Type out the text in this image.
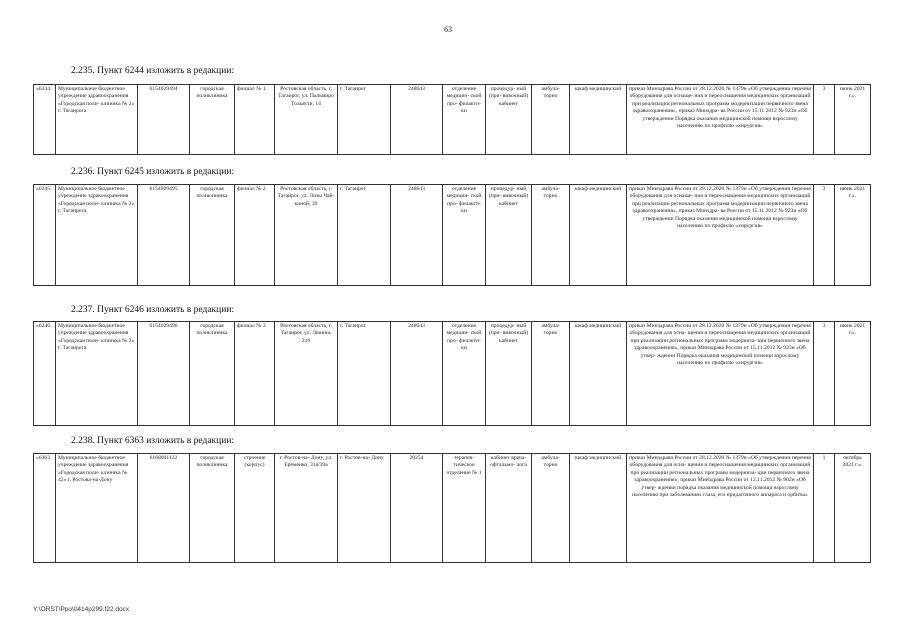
63
2.235. Пункт 6244 изложить в редакции:
«6244.	Муниципальное бюджетное учреждение здравоохранения «Городская поли- клиника № 2» г. Таганрога	6154029494	городская поликлиника	филиал № 1	Ростовская область, г. Таганрог, ул. Пальмиро Тольятти, 14	г. Таганрог	248643	отделение медицин- ской про- филакти- ки	процедур- ный (при- вивочный) кабинет	амбула- торно	шкаф медицинский	приказ Минздрава России от 28.12.2020 № 1379н «Об утверждении перечня оборудования для оснаще- ния и переоснащения медицинских организаций при реализации региональных программ модернизации первичного звена здравоохранения», приказ Минздра- ва России от 15.11.2012 № 923н «Об утверждении Порядка оказания медицинской помощи взрослому населению по профилю «хирургия»	3	июнь 2021 г.».
2.236. Пункт 6245 изложить в редакции:
«6245.	Муниципальное бюджетное учреждение здравоохранения «Городская поли- клиника № 2» г. Таганрога	6154029495	городская поликлиника	филиал № 2	Ростовская область, г. Таганрог, ул. Лизы Чай- киной, 39	г. Таганрог	248643	отделение медицин- ской про- филакти- ки	процедур- ный (при- вивочный) кабинет	амбула- торно	шкаф медицинский	приказ Минздрава России от 28.12.2020 № 1379н «Об утверждении перечня оборудования для оснаще- ния и переоснащения медицинских организаций при реализации региональных программ модернизации первичного звена здравоохранения», приказ Минздра- ва России от 15.11.2012 № 923н «Об утверждении Порядка оказания медицинской помощи взрослому населению по профилю «хирургия»	3	июнь 2021 г.».
2.237. Пункт 6246 изложить в редакции:
«6246.	Муниципальное бюджетное учреждение здравоохранения «Городская поли- клиника № 2» г. Таганрога	6154029496	городская поликлиника	филиал № 3	Ростовская область, г. Таганрог, ул. Ленина, 216	г. Таганрог	248643	отделение медицин- ской про- филакти- ки	процедур- ный (при- вивочный) кабинет	амбула- торно	шкаф медицинский	приказ Минздрава России от 28.12.2020 № 1379н «Об утверждении перечня оборудования для осна- щения и переоснащения медицинских организаций при реализации региональных программ модерниза- ции первичного звена здравоохранения», приказ Минздрава России от 15.11.2012 № 923н «Об утвер- ждении Порядка оказания медицинской помощи взрослому населению по профилю «хирургия»	3	июнь 2021 г.».
2.238. Пункт 6363 изложить в редакции:
«6363.	Муниципальное бюджетное учреждение здравоохранения «Городская поли- клиника № 42» г. Ростова-на-Дону	6168001132	городская поликлиника	строение (корпус)	г. Ростов-на- Дону, ул. Еременко, 31а/39а	г. Ростов-на- Дону	20254	терапев- тическое отделение № 1	кабинет врача- офтальмо- лога	амбула- торно	шкаф медицинский	приказ Минздрава России от 28.12.2020 № 1379н «Об утверждении перечня оборудования для осна- щения и переоснащения медицинских организаций при реализации региональных программ модерниза- ции первичного звена здравоохранения», приказ Минздрава России от 12.11.2012 № 902н «Об утвер- ждении порядка оказания медицинской помощи взрослому населению при заболеваниях глаза, его придаточного аппарата и орбиты»	1	октябрь 2021 г.».
Y:\ORST\Ppo\0414p299.f22.docx
